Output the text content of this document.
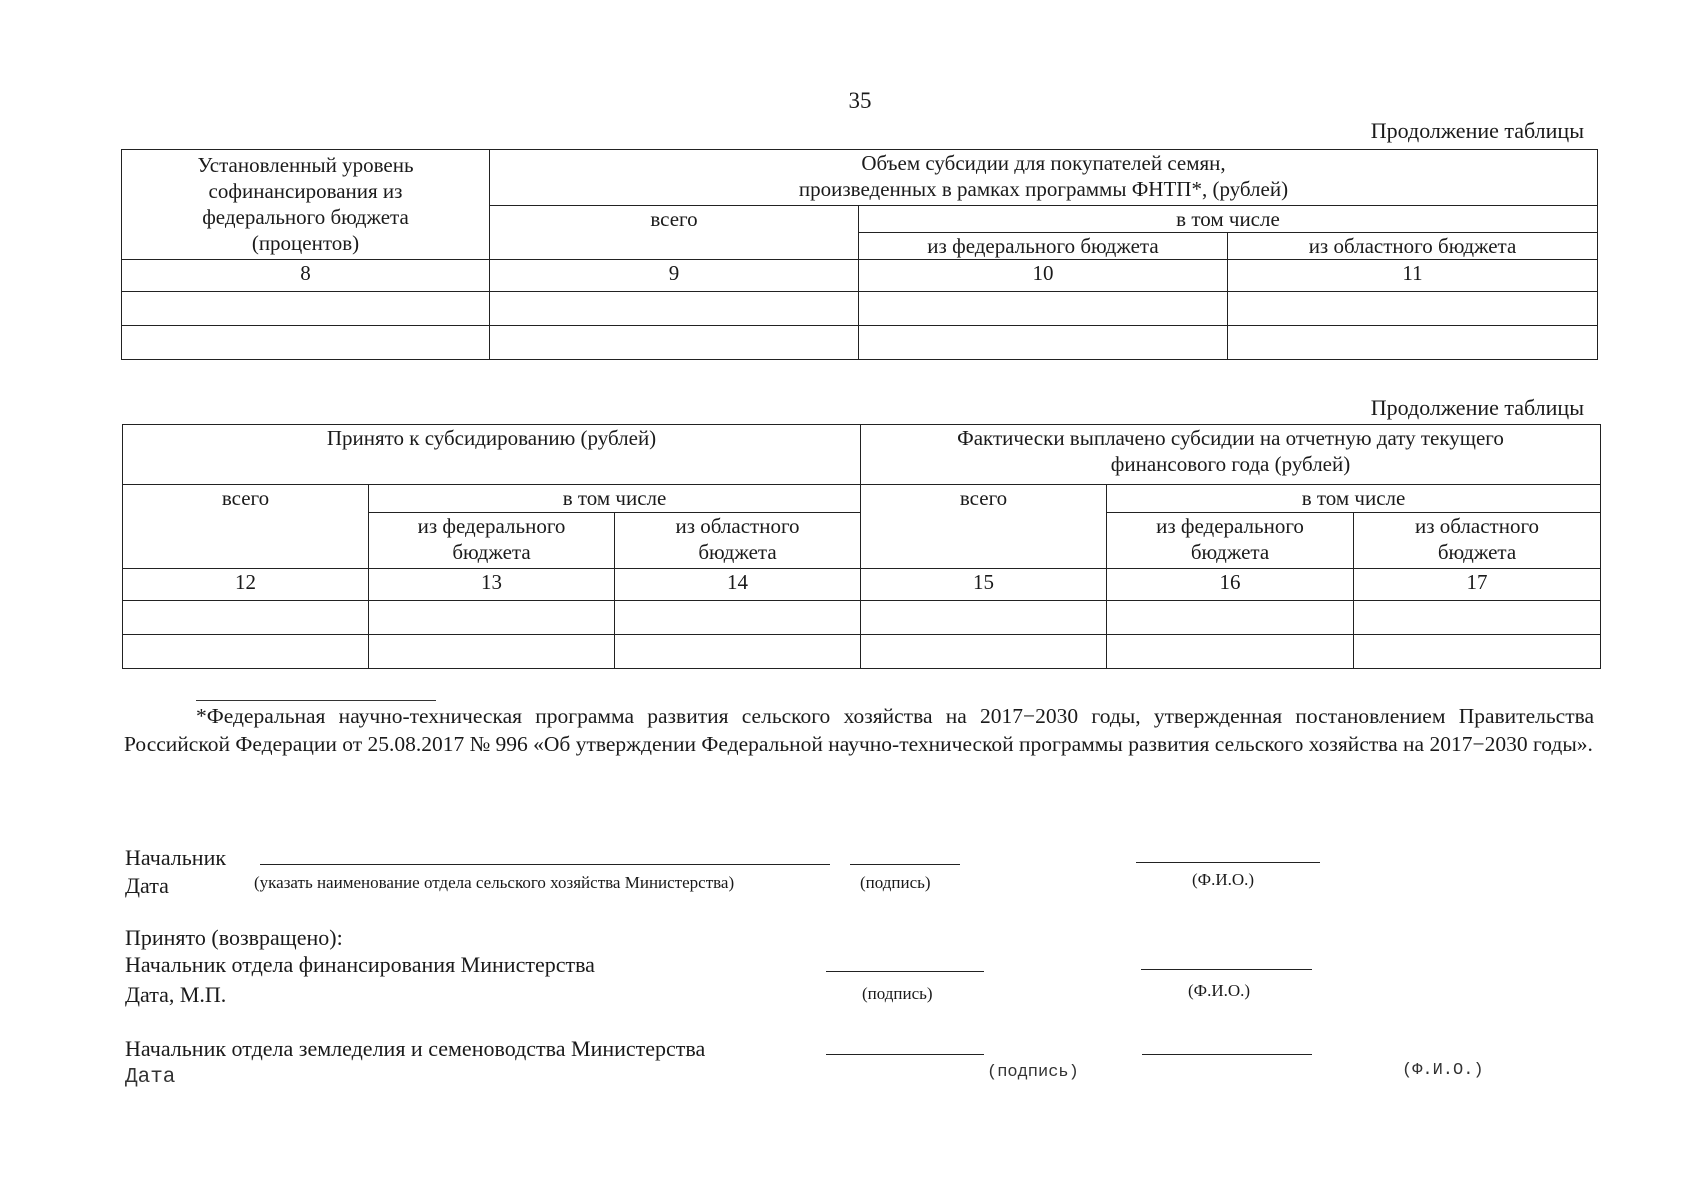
35
Продолжение таблицы
Установленный уровень софинансирования из федерального бюджета (процентов)	Объем субсидии для покупателей семян,
произведенных в рамках программы ФНТП*, (рублей)		

	всего	в том числе	
		из федерального бюджета	из областного бюджета
8	9	10	11

Продолжение таблицы
Принято к субсидированию (рублей)			Фактически выплачено субсидии на отчетную дату текущего финансового года (рублей)		
всего	в том числе		всего	в том числе	
	из федерального бюджета	из областного бюджета		из федерального бюджета	из областного бюджета
12	13	14	15	16	17

*Федеральная научно-техническая программа развития сельского хозяйства на 2017−2030 годы, утвержденная постановлением Правительства Российской Федерации от 25.08.2017 № 996 «Об утверждении Федеральной научно-технической программы развития сельского хозяйства на 2017−2030 годы».
Начальник
Дата	(указать наименование отдела сельского хозяйства Министерства)	(подпись)	(Ф.И.О.)
Принято (возвращено):
Начальник отдела финансирования Министерства
Дата, М.П.	(подпись)	(Ф.И.О.)
Начальник отдела земледелия и семеноводства Министерства
Дата	(подпись)	(Ф.И.О.)
